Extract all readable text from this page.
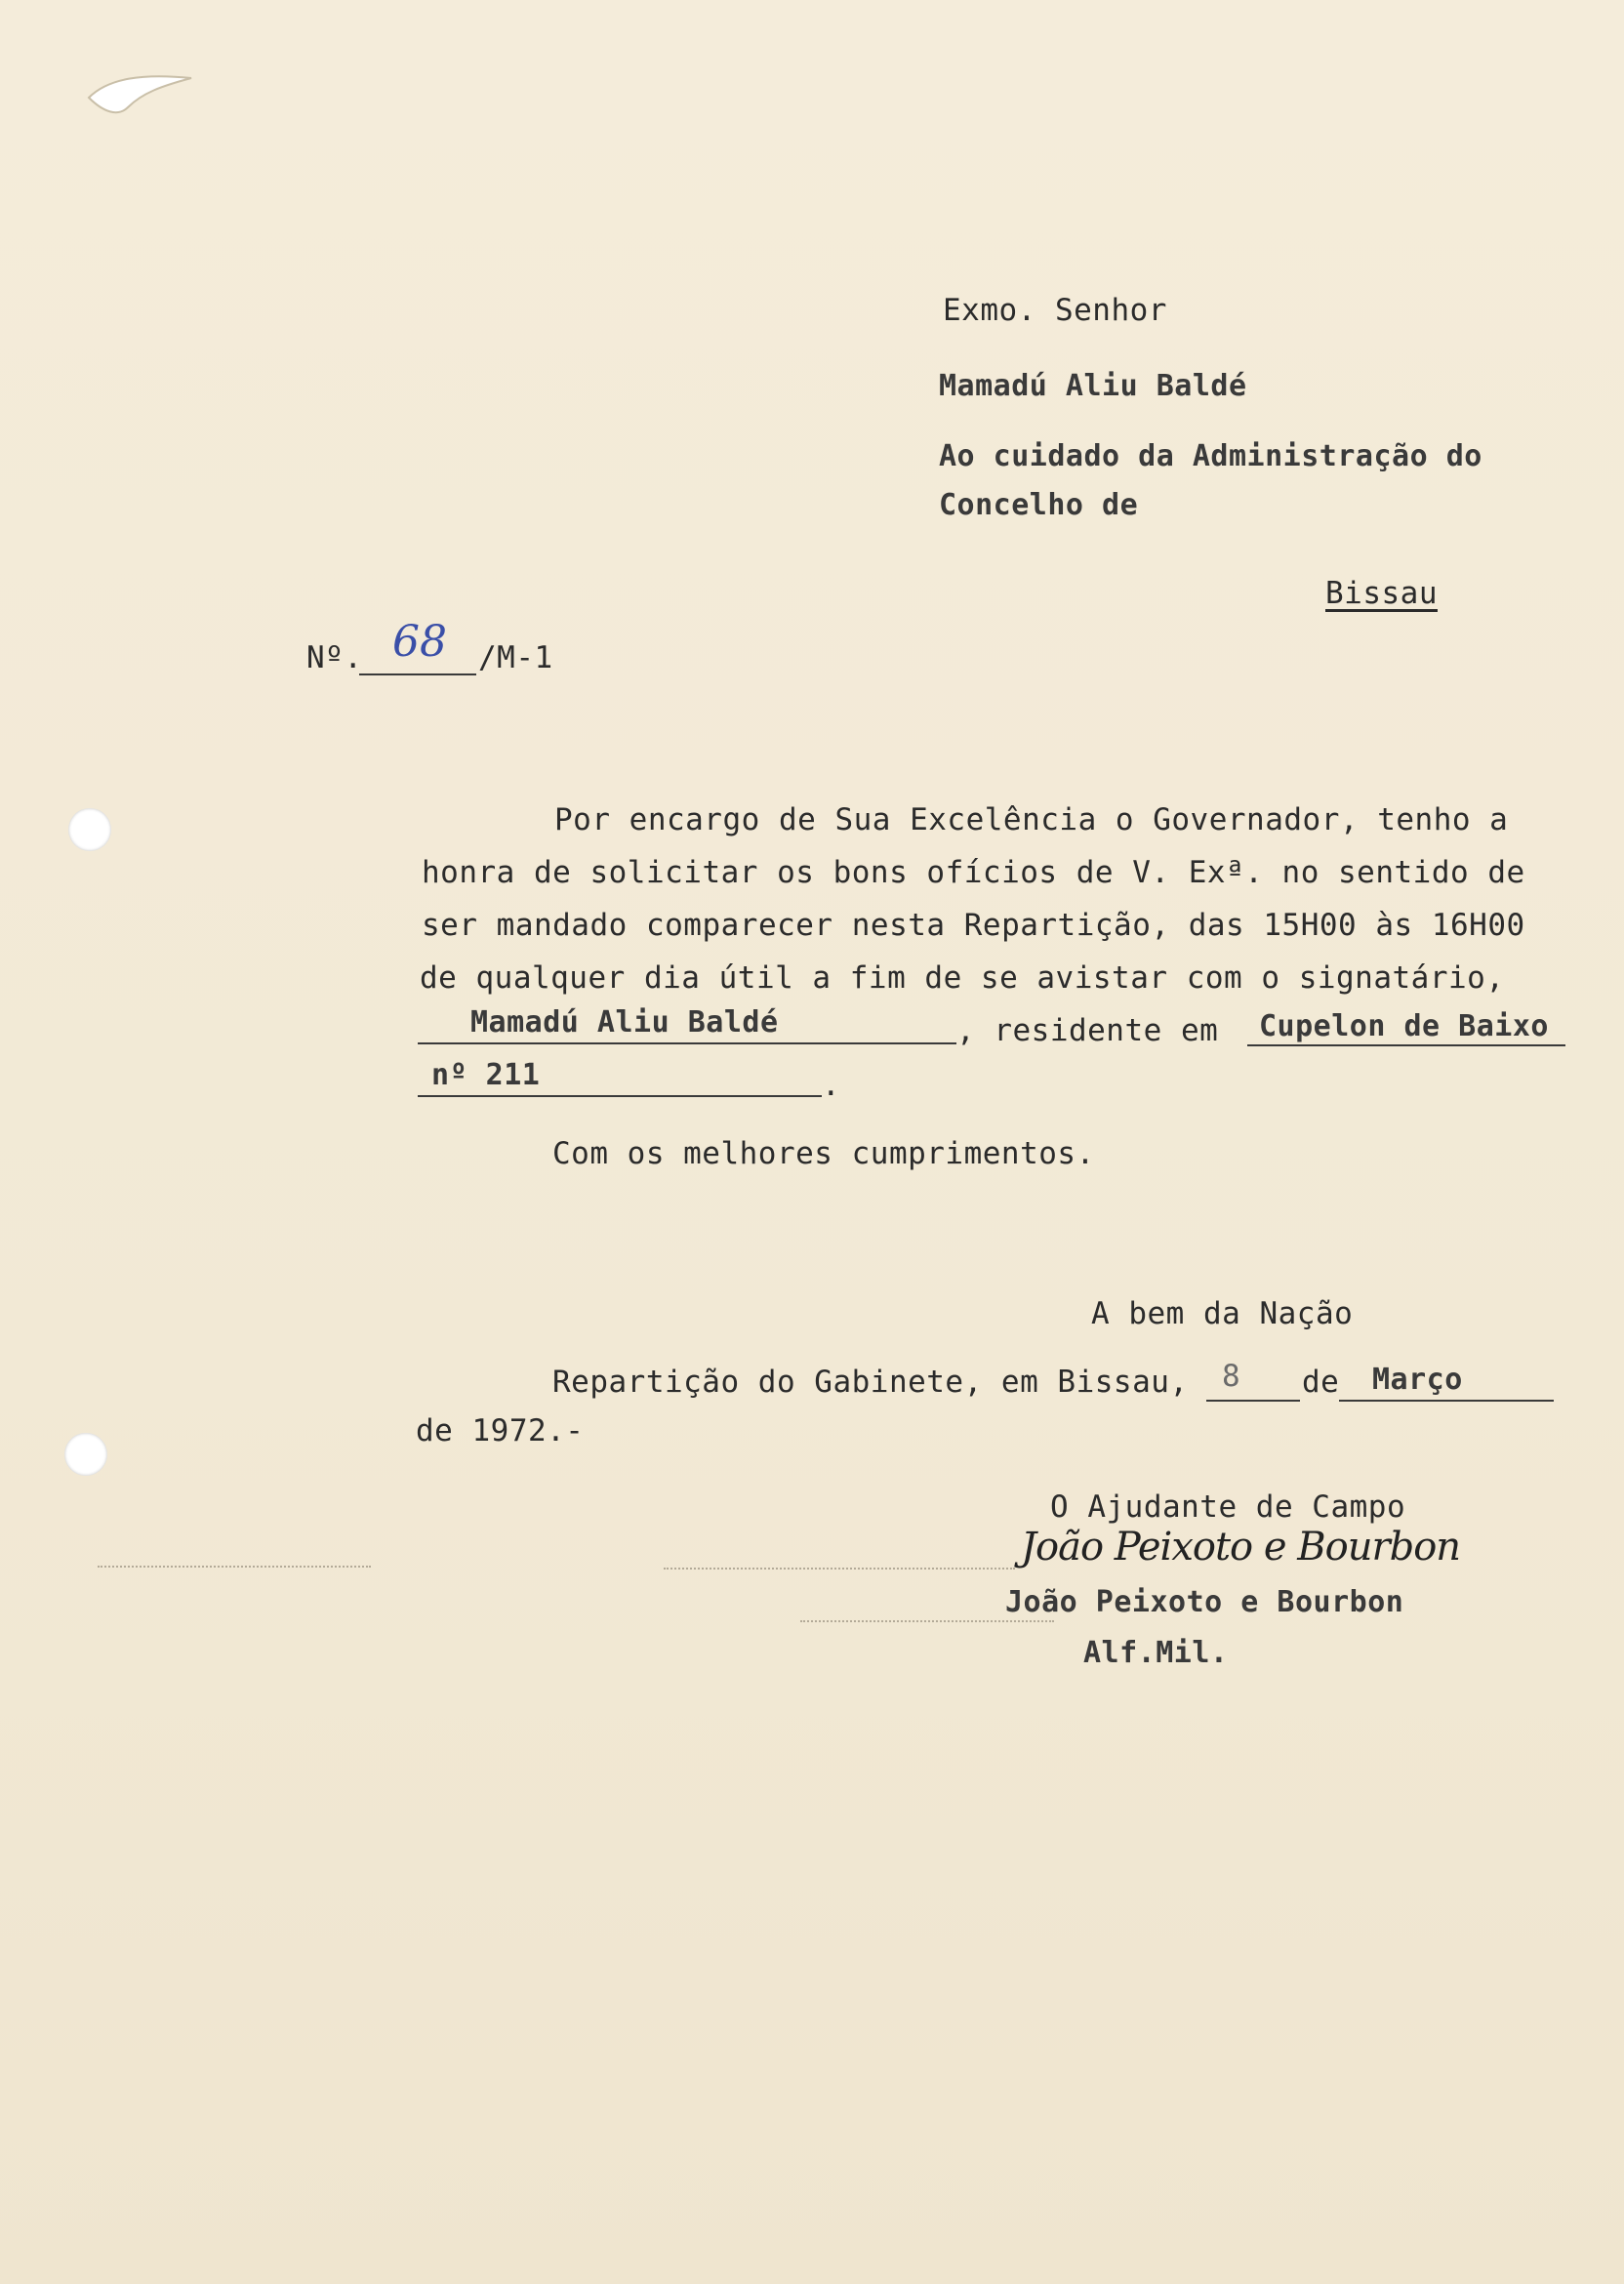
Exmo. Senhor
Mamadú Aliu Baldé
Ao cuidado da Administração do
Concelho de
Bissau
Nº. 68 /M-1
Por encargo de Sua Excelência o Governador, tenho a
honra de solicitar os bons ofícios de V. Exª. no sentido de
ser mandado comparecer nesta Repartição, das 15H00 às 16H00
de qualquer dia útil a fim de se avistar com o signatário,
Mamadú Aliu Baldé	, residente em Cupelon de Baixo
nº 211	.
Com os melhores cumprimentos.
A bem da Nação
Repartição do Gabinete, em Bissau, 8 de Março
de 1972.-
O Ajudante de Campo
João Peixoto e Bourbon
João Peixoto e Bourbon
Alf.Mil.
